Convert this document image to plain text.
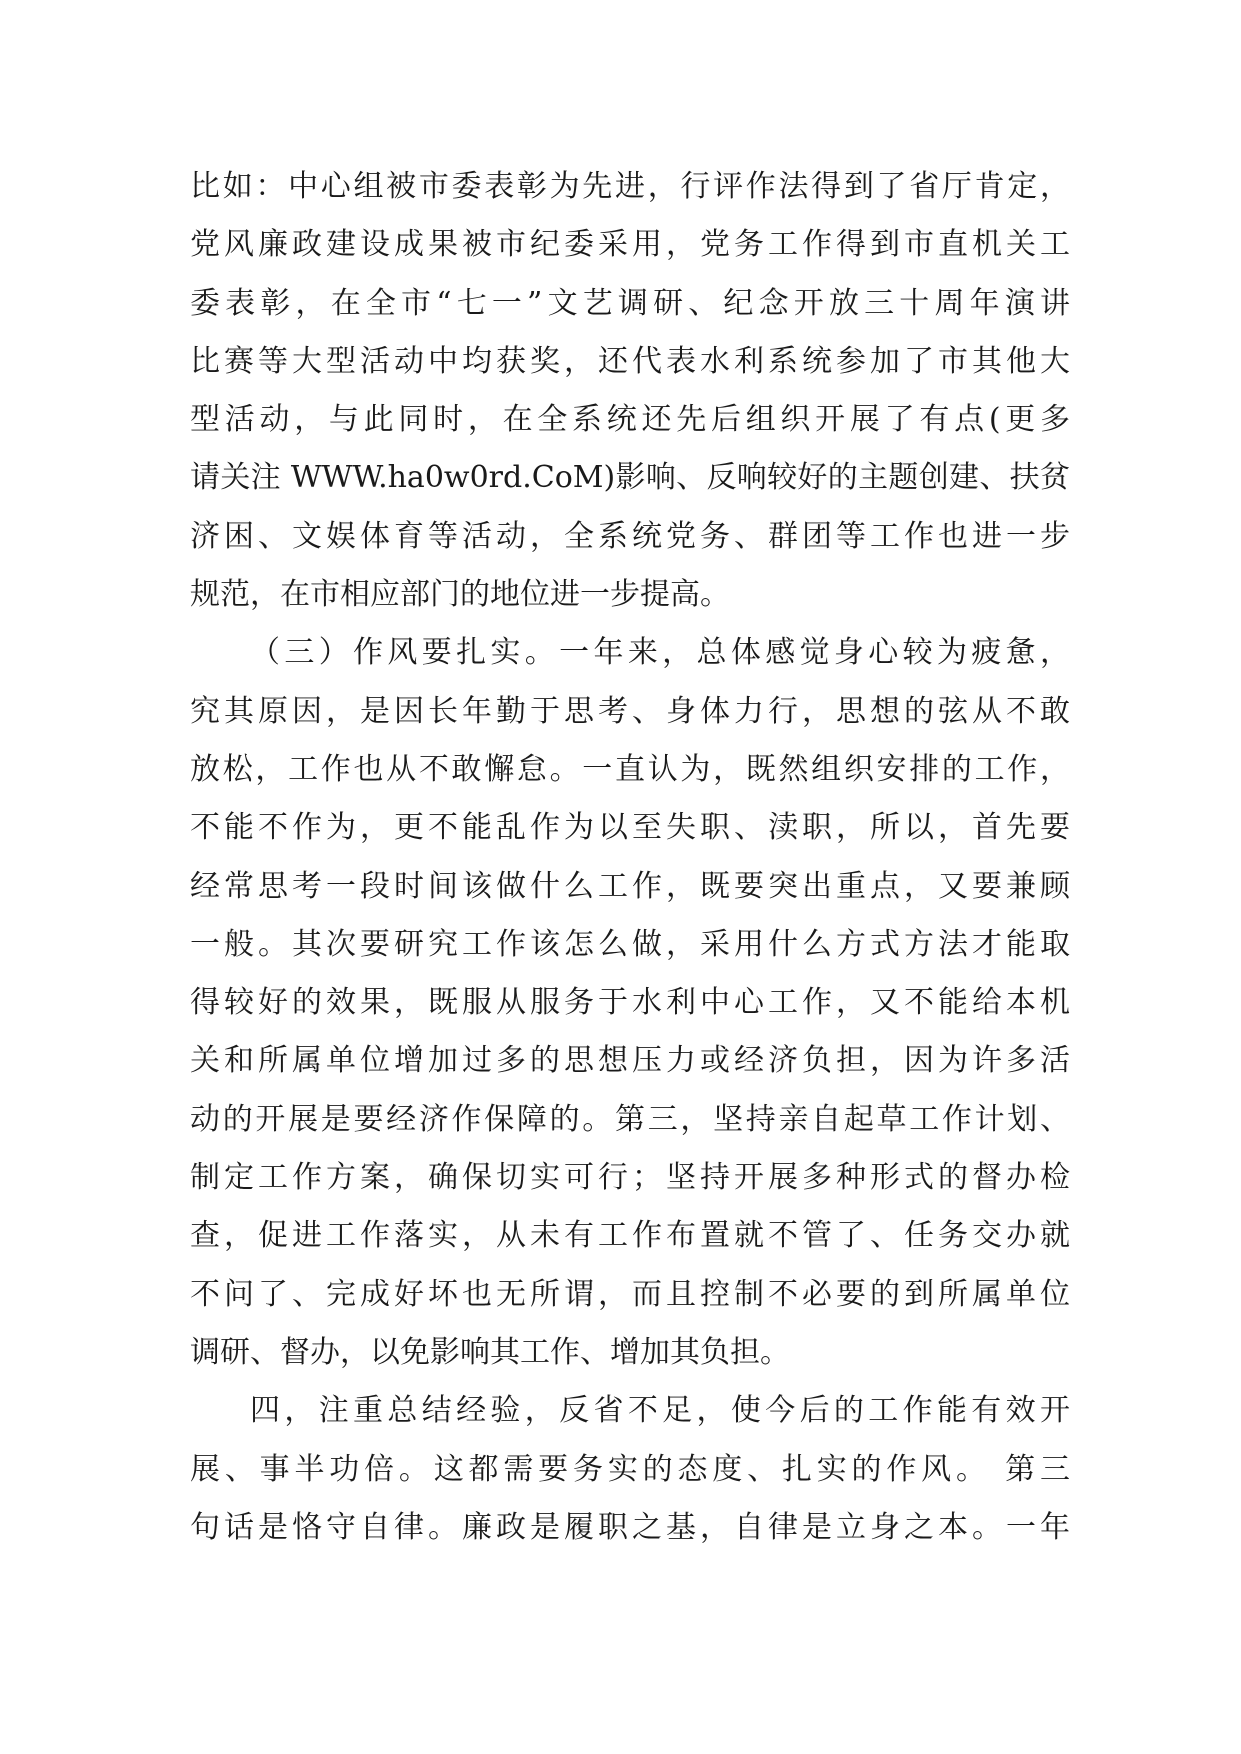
比如：中心组被市委表彰为先进，行评作法得到了省厅肯定，
党风廉政建设成果被市纪委采用，党务工作得到市直机关工
委表彰，在全市“七一”文艺调研、纪念开放三十周年演讲
比赛等大型活动中均获奖，还代表水利系统参加了市其他大
型活动，与此同时，在全系统还先后组织开展了有点(更多
请关注 WWW.ha0w0rd.CoM)影响、反响较好的主题创建、扶贫
济困、文娱体育等活动，全系统党务、群团等工作也进一步
规范，在市相应部门的地位进一步提高。
（三）作风要扎实。一年来，总体感觉身心较为疲惫，
究其原因，是因长年勤于思考、身体力行，思想的弦从不敢
放松，工作也从不敢懈怠。一直认为，既然组织安排的工作，
不能不作为，更不能乱作为以至失职、渎职，所以，首先要
经常思考一段时间该做什么工作，既要突出重点，又要兼顾
一般。其次要研究工作该怎么做，采用什么方式方法才能取
得较好的效果，既服从服务于水利中心工作，又不能给本机
关和所属单位增加过多的思想压力或经济负担，因为许多活
动的开展是要经济作保障的。第三，坚持亲自起草工作计划、
制定工作方案，确保切实可行；坚持开展多种形式的督办检
查，促进工作落实，从未有工作布置就不管了、任务交办就
不问了、完成好坏也无所谓，而且控制不必要的到所属单位
调研、督办，以免影响其工作、增加其负担。
四，注重总结经验，反省不足，使今后的工作能有效开
展、事半功倍。这都需要务实的态度、扎实的作风。 第三
句话是恪守自律。廉政是履职之基，自律是立身之本。一年
